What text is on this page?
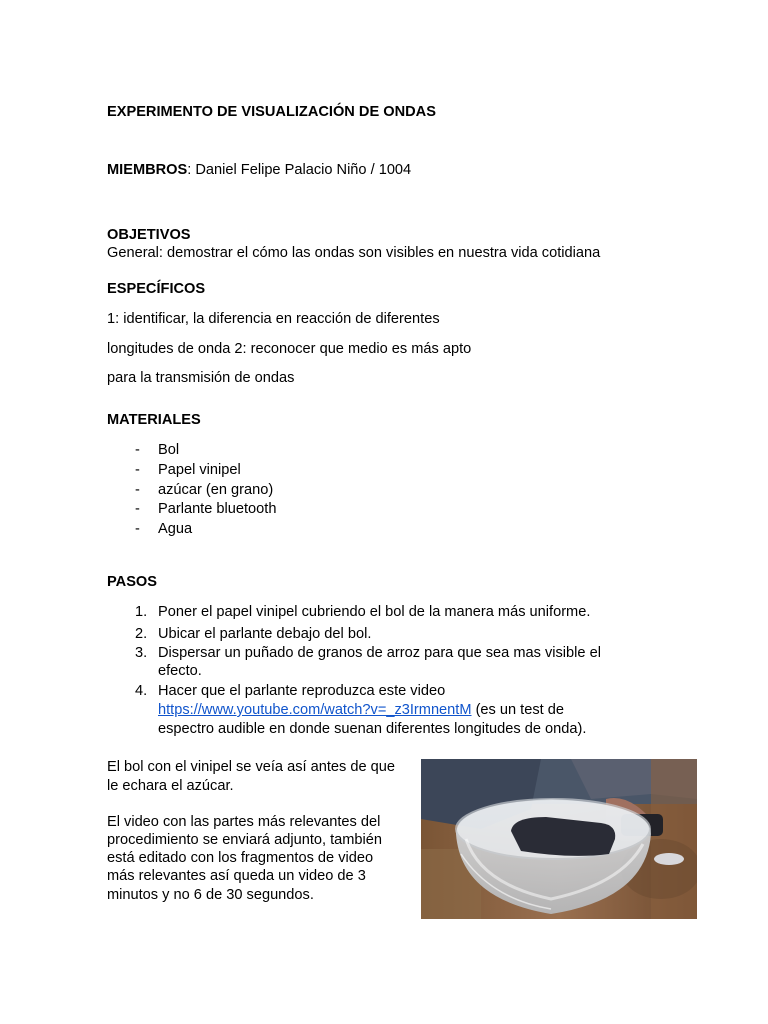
EXPERIMENTO DE VISUALIZACIÓN DE ONDAS
MIEMBROS: Daniel Felipe Palacio Niño / 1004
OBJETIVOS
General: demostrar el cómo las ondas son visibles en nuestra vida cotidiana
ESPECÍFICOS
1: identificar, la diferencia en reacción de diferentes
longitudes de onda 2: reconocer que medio es más apto
para la transmisión de ondas
MATERIALES
- Bol
- Papel vinipel
- azúcar (en grano)
- Parlante bluetooth
- Agua
PASOS
1. Poner el papel vinipel cubriendo el bol de la manera más uniforme.
2. Ubicar el parlante debajo del bol.
3. Dispersar un puñado de granos de arroz para que sea mas visible el
efecto.
4. Hacer que el parlante reproduzca este video
https://www.youtube.com/watch?v=_z3IrmnentM (es un test de
espectro audible en donde suenan diferentes longitudes de onda).
El bol con el vinipel se veía así antes de que
le echara el azúcar.
El video con las partes más relevantes del
procedimiento se enviará adjunto, también
está editado con los fragmentos de video
más relevantes así queda un video de 3
minutos y no 6 de 30 segundos.
